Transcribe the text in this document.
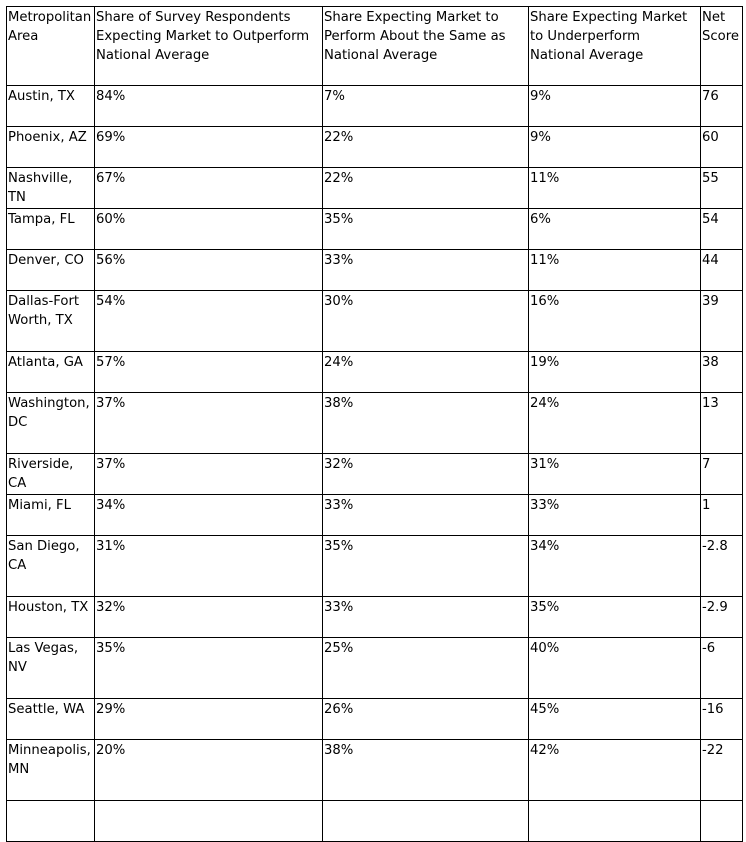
Metropolitan Area	Share of Survey Respondents Expecting Market to Outperform National Average	Share Expecting Market to Perform About the Same as National Average	Share Expecting Market to Underperform National Average	Net Score
Austin, TX	84%	7%	9%	76
Phoenix, AZ	69%	22%	9%	60
Nashville, TN	67%	22%	11%	55
Tampa, FL	60%	35%	6%	54
Denver, CO	56%	33%	11%	44
Dallas-Fort Worth, TX	54%	30%	16%	39
Atlanta, GA	57%	24%	19%	38
Washington, DC	37%	38%	24%	13
Riverside, CA	37%	32%	31%	7
Miami, FL	34%	33%	33%	1
San Diego, CA	31%	35%	34%	-2.8
Houston, TX	32%	33%	35%	-2.9
Las Vegas, NV	35%	25%	40%	-6
Seattle, WA	29%	26%	45%	-16
Minneapolis, MN	20%	38%	42%	-22
